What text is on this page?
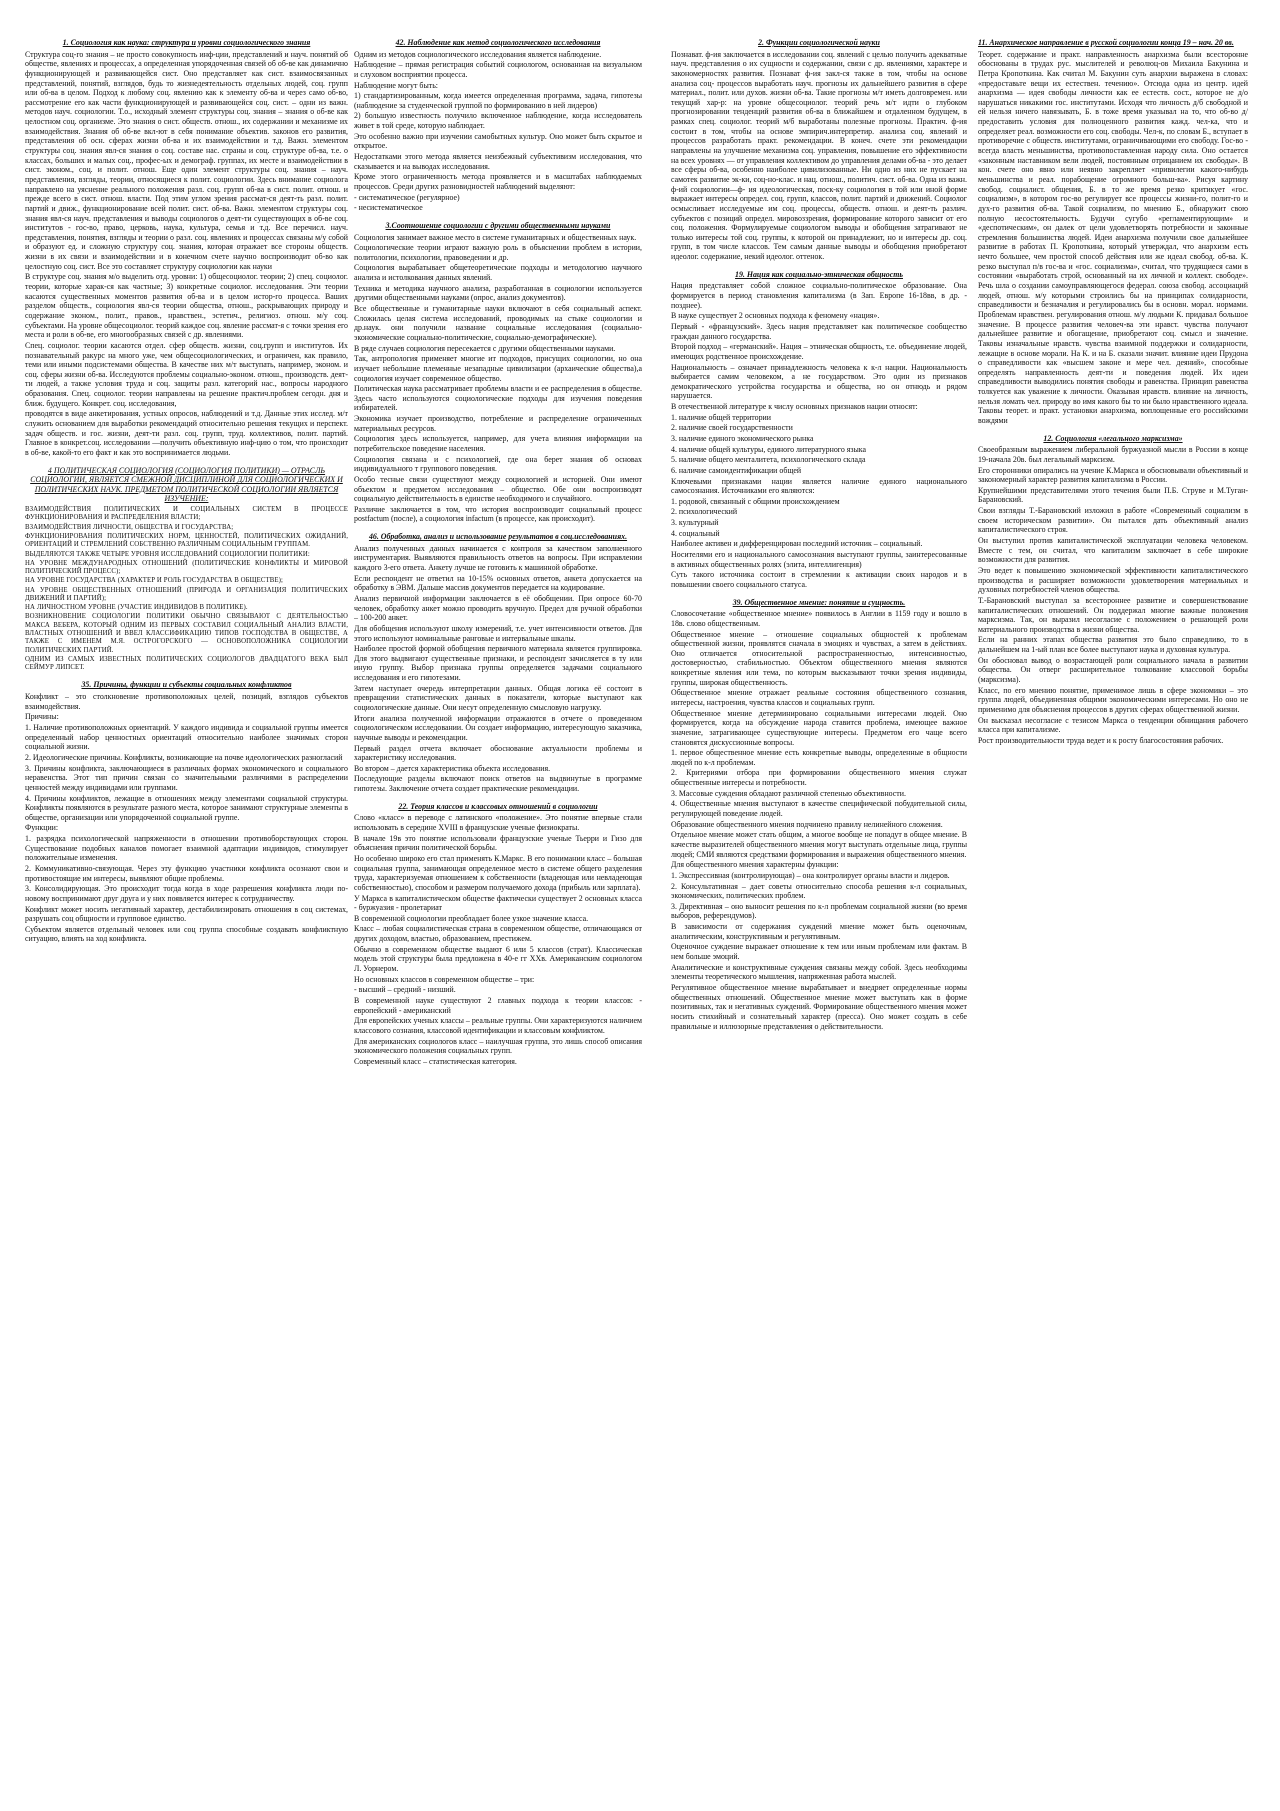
1. Социология как наука: структура и уровни социологического знания

Структура соц-го знания – не просто совокупность инф-ции, представлений и науч. понятий об обществе, явлениях и процессах, а определенная упорядоченная связей об об-ве как динамично функционирующей и развивающейся сист. Оно представляет как сист. взаимосвязанных представлений, понятий, взглядов, будь то жизнедеятельность отдельных людей, соц. групп или об-ва в целом. Подход к любому соц. явлению как к элементу об-ва и через само об-во, рассмотрение его как части функционирующей и развивающейся соц. сист. – одни из важн. методов науч. социологии. Т.о., исходный элемент структуры соц. знания – знания о об-ве как целостном соц. организме. Это знания о сист. обществ. отнош., их содержании и механизме их взаимодействия. Знания об об-ве вкл-ют в себя понимание объектив. законов его развития, представления об осн. сферах жизни об-ва и их взаимодействии и т.д. Важн. элементом структуры соц. знания явл-ся знания о соц. составе нас. страны и соц. структуре об-ва, т.е. о классах, больших и малых соц., профес-ых и демограф. группах, их месте и взаимодействии в сист. эконом., соц. и полит. отнош. Еще один элемент структуры соц. знания – науч. представления, взгляды, теории, относящиеся к полит. социологии. Здесь внимание социолога направлено на уяснение реального положения разл. соц. групп об-ва в сист. полит. отнош. и прежде всего в сист. отнош. власти. Под этим углом зрения рассмат-ся деят-ть разл. полит. партий и движ., функционирование всей полит. сист. об-ва. Важн. элементом структуры соц. знания явл-ся науч. представления и выводы социологов о деят-ти существующих в об-ве соц. институтов - гос-во, право, церковь, наука, культура, семья и т.д. Все перечисл. науч. представления, понятия, взгляды и теории о разл. соц. явлениях и процессах связаны м/у собой и образуют ед. и сложную структуру соц. знания, которая отражает все стороны обществ. жизни в их связи и взаимодействии и в конечном счете научно воспроизводит об-во как целостную соц. сист. Все это составляет структуру социологии как науки

В структуре соц. знания м/о выделить отд. уровни: 1) общесоциолог. теории; 2) спец. социолог. теории, которые харак-ся как частные; 3) конкретные социолог. исследования. Эти теории касаются существенных моментов развития об-ва и в целом истор-го процесса. Ваших разделом обществ., социология явл-ся теории общества, отнош., раскрывающих природу и содержание эконом., полит., правов., нравствен., эстетич., религиоз. отнош. м/у соц. субъектами. На уровне общесоциолог. теорий каждое соц. явление рассмат-я с точки зрения его места и роли в об-ве, его многообразных связей с др. явлениями.

Спец. социолог. теории касаются отдел. сфер обществ. жизни, соц.групп и институтов. Их познавательный ракурс на много уже, чем общесоциологических, и ограничен, как правило, теми или иными подсистемами общества. В качестве них м/т выступать, например, эконом. и соц. сферы жизни об-ва. Исследуются проблемы социально-эконом. отнош., производств. деят-ти людей, а также условия труда и соц. защиты разл. категорий нас., вопросы народного образования. Спец. социолог. теории направлены на решение практич.проблем сегодн. дня и ближ. будущего. Конкрет. соц. исследования,

проводятся в виде анкетирования, устных опросов, наблюдений и т.д. Данные этих исслед. м/т служить основанием для выработки рекомендаций относительно решения текущих и перспект. задач обществ. и гос. жизни, деят-ти разл. соц. групп, труд. коллективов, полит. партий. Главное в конкрет.соц. исследовании —получить объективную инф-цию о том, что происходит в об-ве, какой-то его факт и как это воспринимается людьми.

4 ПОЛИТИЧЕСКАЯ СОЦИОЛОГИЯ (СОЦИОЛОГИЯ ПОЛИТИКИ) — ОТРАСЛЬ СОЦИОЛОГИИ, ЯВЛЯЕТСЯ СМЕЖНОЙ ДИСЦИПЛИНОЙ ДЛЯ СОЦИОЛОГИЧЕСКИХ И ПОЛИТИЧЕСКИХ НАУК. ПРЕДМЕТОМ ПОЛИТИЧЕСКОЙ СОЦИОЛОГИИ ЯВЛЯЕТСЯ ИЗУЧЕНИЕ:

ВЗАИМОДЕЙСТВИЯ ПОЛИТИЧЕСКИХ И СОЦИАЛЬНЫХ СИСТЕМ В ПРОЦЕССЕ ФУНКЦИОНИРОВАНИЯ И РАСПРЕДЕЛЕНИЯ ВЛАСТИ;

ВЗАИМОДЕЙСТВИЯ ЛИЧНОСТИ, ОБЩЕСТВА И ГОСУДАРСТВА;

ФУНКЦИОНИРОВАНИЯ ПОЛИТИЧЕСКИХ НОРМ, ЦЕННОСТЕЙ, ПОЛИТИЧЕСКИХ ОЖИДАНИЙ, ОРИЕНТАЦИЙ И СТРЕМЛЕНИЙ СОБСТВЕННО РАЗЛИЧНЫМ СОЦИАЛЬНЫМ ГРУППАМ.

ВЫДЕЛЯЮТСЯ ТАКЖЕ ЧЕТЫРЕ УРОВНЯ ИССЛЕДОВАНИЙ СОЦИОЛОГИИ ПОЛИТИКИ:

НА УРОВНЕ МЕЖДУНАРОДНЫХ ОТНОШЕНИЙ (ПОЛИТИЧЕСКИЕ КОНФЛИКТЫ И МИРОВОЙ ПОЛИТИЧЕСКИЙ ПРОЦЕСС);

НА УРОВНЕ ГОСУДАРСТВА (ХАРАКТЕР И РОЛЬ ГОСУДАРСТВА В ОБЩЕСТВЕ);

НА УРОВНЕ ОБЩЕСТВЕННЫХ ОТНОШЕНИЙ (ПРИРОДА И ОРГАНИЗАЦИЯ ПОЛИТИЧЕСКИХ ДВИЖЕНИЙ И ПАРТИЙ);

НА ЛИЧНОСТНОМ УРОВНЕ (УЧАСТИЕ ИНДИВИДОВ В ПОЛИТИКЕ).

ВОЗНИКНОВЕНИЕ СОЦИОЛОГИИ ПОЛИТИКИ ОБЫЧНО СВЯЗЫВАЮТ С ДЕЯТЕЛЬНОСТЬЮ МАКСА ВЕБЕРА, КОТОРЫЙ ОДНИМ ИЗ ПЕРВЫХ СОСТАВИЛ СОЦИАЛЬНЫЙ АНАЛИЗ ВЛАСТИ, ВЛАСТНЫХ ОТНОШЕНИЙ И ВВЕЛ КЛАССИФИКАЦИЮ ТИПОВ ГОСПОДСТВА В ОБЩЕСТВЕ, А ТАКЖЕ С ИМЕНЕМ М.Я. ОСТРОГОРСКОГО — ОСНОВОПОЛОЖНИКА СОЦИОЛОГИИ ПОЛИТИЧЕСКИХ ПАРТИЙ.

ОДНИМ ИЗ САМЫХ ИЗВЕСТНЫХ ПОЛИТИЧЕСКИХ СОЦИОЛОГОВ ДВАДЦАТОГО ВЕКА БЫЛ СЕЙМУР ЛИПСЕТ.

35. Причины, функции и субъекты социальных конфликтов

Конфликт – это столкновение противоположных целей, позиций, взглядов субъектов взаимодействия.

Причины:

1. Наличие противоположных ориентаций. У каждого индивида и социальной группы имеется определенный набор ценностных ориентаций относительно наиболее значимых сторон социальной жизни.

2. Идеологические причины. Конфликты, возникающие на почве идеологических разногласий

3. Причины конфликта, заключающиеся в различных формах экономического и социального неравенства. Этот тип причин связан со значительными различиями в распределении ценностей между индивидами или группами.

4. Причины конфликтов, лежащие в отношениях между элементами социальной структуры. Конфликты появляются в результате разного места, которое занимают структурные элементы в обществе, организации или упорядоченной социальной группе.

Функции:

1. разрядка психологической напряженности в отношении противоборствующих сторон. Существование подобных каналов помогает взаимной адаптации индивидов, стимулирует положительные изменения.

2. Коммуникативно-связующая. Через эту функцию участники конфликта осознают свои и противостоящие им интересы, выявляют общие проблемы.

3. Консолидирующая. Это происходит тогда когда в ходе разрешения конфликта люди по-новому воспринимают друг друга и у них появляется интерес к сотрудничеству.

Конфликт может носить негативный характер, дестабилизировать отношения в соц системах, разрушать соц общности и групповое единство.

Субъектом является отдельный человек или соц группа способные создавать конфликтную ситуацию, влиять на ход конфликта.

42. Наблюдение как метод социологического исследования

Одним из методов социологического исследования является наблюдение.

Наблюдение – прямая регистрация событий социологом, основанная на визуальном и слуховом восприятии процесса.

Наблюдение могут быть:

1) стандартизированным, когда имеется определенная программа, задача, гипотезы (наблюдение за студенческой группой по формированию в ней лидеров)

2) большую известность получило включенное наблюдение, когда исследователь живет в той среде, которую наблюдает.

Это особенно важно при изучении самобытных культур. Оно может быть скрытое и открытое.

Недостатками этого метода является неизбежный субъективизм исследования, что сказывается и на выводах исследования.

Кроме этого ограниченность метода проявляется и в масштабах наблюдаемых процессов. Среди других разновидностей наблюдений выделяют:

- систематическое (регулярное)

- несистематическое

3.Соотношение социологии с другими общественными науками

Социология занимает важное место в системе гуманитарных и общественных наук.

Социологические теории играют важную роль в объяснении проблем в истории, политологии, психологии, правоведении и др.

Социология вырабатывает общетеоретические подходы и методологию научного анализа и истолкования данных явлений.

Техника и методика научного анализа, разработанная в социологии используется другими общественными науками (опрос, анализ документов).

Все общественные и гуманитарные науки включают в себя социальный аспект. Сложилась целая система исследований, проводимых на стыке социологии и др.наук. они получили название социальные исследования (социально-экономические социально-политические, социально-демографические).

В ряде случаев социология пересекается с другими общественными науками.

Так, антропология применяет многие ит подходов, присущих социологии, но она изучает небольшие племенные незападные цивилизации (архаические общества),а социология изучает современное общество.

Политическая наука рассматривает проблемы власти и ее распределения в обществе. Здесь часто используются социологические подходы для изучения поведения избирателей.

Экономика изучает производство, потребление и распределение ограниченных материальных ресурсов.

Социология здесь используется, например, для учета влияния информации на потребительское поведение населения.

Социология связана и с психологией, где она берет знания об основах индивидуального т группового поведения.

Особо тесные связи существуют между социологией и историей. Они имеют объектом и предметом исследования – общество. Обе они воспроизводят социальную действительность в единстве необходимого и случайного.

Различие заключается в том, что история воспроизводит социальный процесс postfactum (после), а социология infactum (в процессе, как происходит).

46. Обработка, анализ и использование результатов в соц.исследованиях.

Анализ полученных данных начинается с контроля за качеством заполненного инструментария. Выявляются правильность ответов на вопросы. При исправлении каждого 3-его ответа. Анкету лучше не готовить к машинной обработке.

Если респондент не ответил на 10-15% основных ответов, анкета допускается на обработку в ЭВМ. Дальше массив документов передается на кодирование.

Анализ первичной информации заключается в её обобщении. При опросе 60-70 человек, обработку анкет можно проводить вручную. Предел для ручной обработки – 100-200 анкет.

Для обобщения используют школу измерений, т.е. учет интенсивности ответов. Для этого используют номинальные ранговые и интервальные шкалы.

Наиболее простой формой обобщения первичного материала является группировка. Для этого выдвигают существенные признаки, и респондент зачисляется в ту или иную группу. Выбор признака группы определяется задачами социального исследования и его гипотезами.

Затем наступает очередь интерпретации данных. Общая логика её состоит в превращении статистических данных в показатели, которые выступают как социологические данные. Они несут определенную смысловую нагрузку.

Итоги анализа полученной информации отражаются в отчете о проведенном социологическом исследовании. Он создает информацию, интересующую заказчика, научные выводы и рекомендации.

Первый раздел отчета включает обоснование актуальности проблемы и характеристику исследования.

Во втором – дается характеристика объекта исследования.

Последующие разделы включают поиск ответов на выдвинутые в программе гипотезы. Заключение отчета создает практические рекомендации.

22. Теория классов и классовых отношений в социологии

Слово «класс» в переводе с латинского «положение». Это понятие впервые стали использовать в середине XVIII в французские ученые физиократы.

В начале 19в это понятие использовали французские ученые Тьерри и Гизо для объяснения причин политической борьбы.

Но особенно широко его стал применять К.Маркс. В его понимании класс – большая социальная группа, занимающая определенное место в системе общего разделения труда, характеризуемая отношением к собственности (владеющая или невладеющая собственностью), способом и размером получаемого дохода (прибыль или зарплата).

У Маркса в капиталистическом обществе фактически существует 2 основных класса - буржуазия - пролетариат

В современной социологии преобладает более узкое значение класса.

Класс – любая социалистическая страна в современном обществе, отличающаяся от других доходом, властью, образованием, престижем.

Обычно в современном обществе выдают 6 или 5 классов (страт). Классическая модель этой структуры была предложена в 40-е гг XXв. Американским социологом Л. Уорнером.

Но основных классов в современном обществе – три:

- высший – средний - низший.

В современной науке существуют 2 главных подхода к теории классов: - европейский - американский

Для европейских ученых классы – реальные группы. Они характеризуются наличием классового сознания, классовой идентификации и классовым конфликтом.

Для американских социологов класс – наилучшая группа, это лишь способ описания экономического положения социальных групп.

Современный класс – статистическая категория.

2. Функции социологической науки

Познават. ф-ия заключается в исследовании соц. явлений с целью получить адекватные науч. представления о их сущности и содержании, связи с др. явлениями, характере и закономерностях развития. Познават ф-ия закл-ся также в том, чтобы на основе анализа соц- процессов выработать науч. прогнозы их дальнейшего развития в сфере материал., полит. или духов. жизни об-ва. Такие прогнозы м/т иметь долговремен. или текущий хар-р: на уровне общесоциолог. теорий речь м/т идти о глубоком прогнозировании тенденций развития об-ва в ближайшем и отдаленном будущем, в рамках спец. социолог. теорий м/б выработаны полезные прогнозы. Практич. ф-ия состоит в том, чтобы на основе эмпирич.интерпретир. анализа соц. явлений и процессов разработать практ. рекомендации. В конеч. счете эти рекомендации направлены на улучшение механизма соц. управления, повышение его эффективности на всех уровнях — от управления коллективом до управления делами об-ва - это делает все сферы об-ва, особенно наиболее цивилизованные. Ни одно из них не пускает на самотек развитие эк-ки, соц-но-клас. и нац. отнош., политич. сист. об-ва. Одна из важн. ф-ий социологии—ф- ия идеологическая, поск-ку социология в той или иной форме выражает интересы определ. соц. групп, классов, полит. партий и движений. Социолог осмысливает исследуемые им соц. процессы, обществ. отнош. и деят-ть различ. субъектов с позиций определ. мировоззрения, формирование которого зависит от его соц. положения. Формулируемые социологом выводы и обобщения затрагивают не только интересы той соц. группы, к которой он принадлежит, но и интересы др. соц. групп, в том числе классов. Тем самым данные выводы и обобщения приобретают идеолог. содержание, некий идеолог. оттенок.

19. Нация как социально-этническая общность

Нация представляет собой сложное социально-политическое образование. Она формируется в период становления капитализма (в Зап. Европе 16-18вв, в др. - позднее).

В науке существует 2 основных подхода к феномену «нация».

Первый - «французский». Здесь нация представляет как политическое сообщество граждан данного государства.

Второй подход – «германский». Нация – этническая общность, т.е. объединение людей, имеющих родственное происхождение.

Национальность – означает принадлежность человека к к-л нации. Национальность выбирается самим человеком, а не государством. Это один из признаков демократического устройства государства и общества, но он отнюдь и рядом нарушается.

В отечественной литературе к числу основных признаков нации относят:

1. наличие общей территории

2. наличие своей государственности

3. наличие единого экономического рынка

4. наличие общей культуры, единого литературного языка

5. наличие общего менталитета, психологического склада

6. наличие самоидентификации общей

Ключевыми признаками нации является наличие единого национального самосознания. Источниками его являются:

1. родовой, связанный с общими происхождением

2. психологический

3. культурный

4. социальный

Наиболее активен и дифференцирован последний источник – социальный.

Носителями его и национального самосознания выступают группы, заинтересованные в активных общественных ролях (элита, интеллигенция)

Суть такого источника состоит в стремлении к активации своих народов и в повышении своего социального статуса.

39. Общественное мнение: понятие и сущность.

Словосочетание «общественное мнение» появилось в Англии в 1159 году и вошло в 18в. слово общественным.

Общественное мнение – отношение социальных общностей к проблемам общественной жизни, проявлятся сначала в эмоциях и чувствах, а затем в действиях. Оно отличается относительной распространенностью, интенсивностью, достоверностью, стабильностью. Объектом общественного мнения являются конкретные явления или тема, по которым высказывают точки зрения индивиды, группы, широкая общественность.

Общественное мнение отражает реальные состояния общественного сознания, интересы, настроения, чувства классов и социальных групп.

Общественное мнение детерминировано социальными интересами людей. Оно формируется, когда на обсуждение народа ставится проблема, имеющее важное значение, затрагивающее существующие интересы. Предметом его чаще всего становятся дискуссионные вопросы.

1. первое общественное мнение есть конкретные выводы, определенные в общности людей по к-л проблемам.

2. Критериями отбора при формировании общественного мнения служат общественные интересы и потребности.

3. Массовые суждения обладают различной степенью объективности.

4. Общественные мнения выступают в качестве специфической побудительной силы, регулирующей поведение людей.

Образование общественного мнения подчинено правилу нелинейного сложения.

Отдельное мнение может стать общим, а многое вообще не попадут в общее мнение. В качестве выразителей общественного мнения могут выступать отдельные лица, группы людей; СМИ являются средствами формирования и выражения общественного мнения.

Для общественного мнения характерны функции:

1. Экспрессивная (контролирующая) – она контролирует органы власти и лидеров.

2. Консультативная – дает советы относительно способа решения к-л социальных, экономических, политических проблем.

3. Директивная – оно выносит решения по к-л проблемам социальной жизни (во время выборов, референдумов).

В зависимости от содержания суждений мнение может быть оценочным, аналитическим, конструктивным и регулятивным.

Оценочное суждение выражает отношение к тем или иным проблемам или фактам. В нем больше эмоций.

Аналитические и конструктивные суждения связаны между собой. Здесь необходимы элементы теоретического мышления, напряженная работа мыслей.

Регулятивное общественное мнение вырабатывает и внедряет определенные нормы общественных отношений. Общественное мнение может выступать как в форме позитивных, так и негативных суждений. Формирование общественного мнения может носить стихийный и сознательный характер (пресса). Оно может создать в себе правильные и иллюзорные представления о действительности.

11. Анархическое направление в русской социологии конца 19 – нач. 20 вв.

Теорет. содержание и практ. направленность анархизма были всесторонне обоснованы в трудах рус. мыслителей и революц-ов Михаила Бакунина и Петра Кропоткина. Как считал М. Бакунин суть анархии выражена в словах: «предоставьте вещи их естествен. течению». Отсюда одна из центр. идей анархизма — идея свободы личности как ее естеств. сост., которое не д/о нарушаться никакими гос. институтами. Исходя что личность д/б свободной и ей нельзя ничего навязывать, Б. в тоже время указывал на то, что об-во д/ предоставить условия для полноценного развития кажд. чел-ка, что и определяет реал. возможности его соц. свободы. Чел-к, по словам Б., вступает в противоречие с обществ. институтами, ограничивающими его свободу. Гос-во - всегда власть меньшинства, противопоставленная народу сила. Оно остается «законным наставником вели людей, постоянным отрицанием их свободы». В кон. счете оно явно или неявно закрепляет «привилегии какого-нибудь меньшинства и реал. порабощение огромного больш-ва». Рисуя картину свобод. социалист. общения, Б. в то же время резко критикует «гос. социализм», в котором гос-во регулирует все процессы жизни-го, полит-го и дух-го развития об-ва. Такой социализм, по мнению Б., обнаружит свою полную несостоятельность. Будучи сугубо «регламентирующим» и «деспотическим», он далек от цели удовлетворять потребности и законные стремления большинства людей. Идеи анархизма получили свое дальнейшее развитие в работах П. Кропоткина, который утверждал, что анархизм есть нечто большее, чем простой способ действия или же идеал свобод. об-ва. К. резко выступал п/в гос-ва и «гос. социализма», считал, что трудящиеся сами в состоянии «выработать строй, основанный на их личной и коллект. свободе». Речь шла о создании самоуправляющегося федерал. союза свобод. ассоциаций людей, отнош. м/у которыми строились бы на принципах солидарности, справедливости и безначалия и регулировались бы в основн. морал. нормами. Проблемам нравствен. регулирования отнош. м/у людьми К. придавал большое значение. В процессе развития человеч-ва эти нравст. чувства получают дальнейшее развитие и обогащение, приобретают соц. смысл и значение. Таковы изначальные нравств. чувства взаимной поддержки и солидарности, лежащие в основе морали. На К. и на Б. сказали значит. влияние идеи Прудона о справедливости как «высшем законе и мере чел. деяний», способные определять направленность деят-ти и поведения людей. Их идеи справедливости выводились понятия свободы и равенства. Принцип равенства толкуется как уважение к личности. Оказывая нравств. влияние на личность, нельзя ломать чел. природу во имя какого бы то ни было нравственного идеала. Таковы теорет. и практ. установки анархизма, воплощенные его российскими вождями

12. Социология «легального марксизма»

Своеобразным выражением либеральной буржуазной мысли в России в конце 19-начала 20в. был легальный марксизм.

Его сторонники опирались на учение К.Маркса и обосновывали объективный и закономерный характер развития капитализма в России.

Крупнейшими представителями этого течения были П.Б. Струве и М.Туган-Барановский.

Свои взгляды Т.-Барановский изложил в работе «Современный социализм в своем историческом развитии». Он пытался дать объективный анализ капиталистического строя.

Он выступил против капиталистической эксплуатации человека человеком. Вместе с тем, он считал, что капитализм заключает в себе широкие возможности для развития.

Это ведет к повышению экономической эффективности капиталистического производства и расширяет возможности удовлетворения материальных и духовных потребностей членов общества.

Т.-Барановский выступал за всестороннее развитие и совершенствование капиталистических отношений. Он поддержал многие важные положения марксизма. Так, он выразил несогласие с положением о решающей роли материального производства в жизни общества.

Если на ранних этапах общества развития это было справедливо, то в дальнейшем на 1-ый план все более выступают наука и духовная культура.

Он обосновал вывод о возрастающей роли социального начала в развитии общества. Он отверг расширительное толкование классовой борьбы (марксизма).

Класс, по его мнению понятие, применимое лишь в сфере экономики – это группа людей, объединенная общими экономическими интересами. Но оно не применимо для объяснения процессов в других сферах общественной жизни.

Он высказал несогласие с тезисом Маркса о тенденции обнищания рабочего класса при капитализме.

Рост производительности труда ведет и к росту благосостояния рабочих.
